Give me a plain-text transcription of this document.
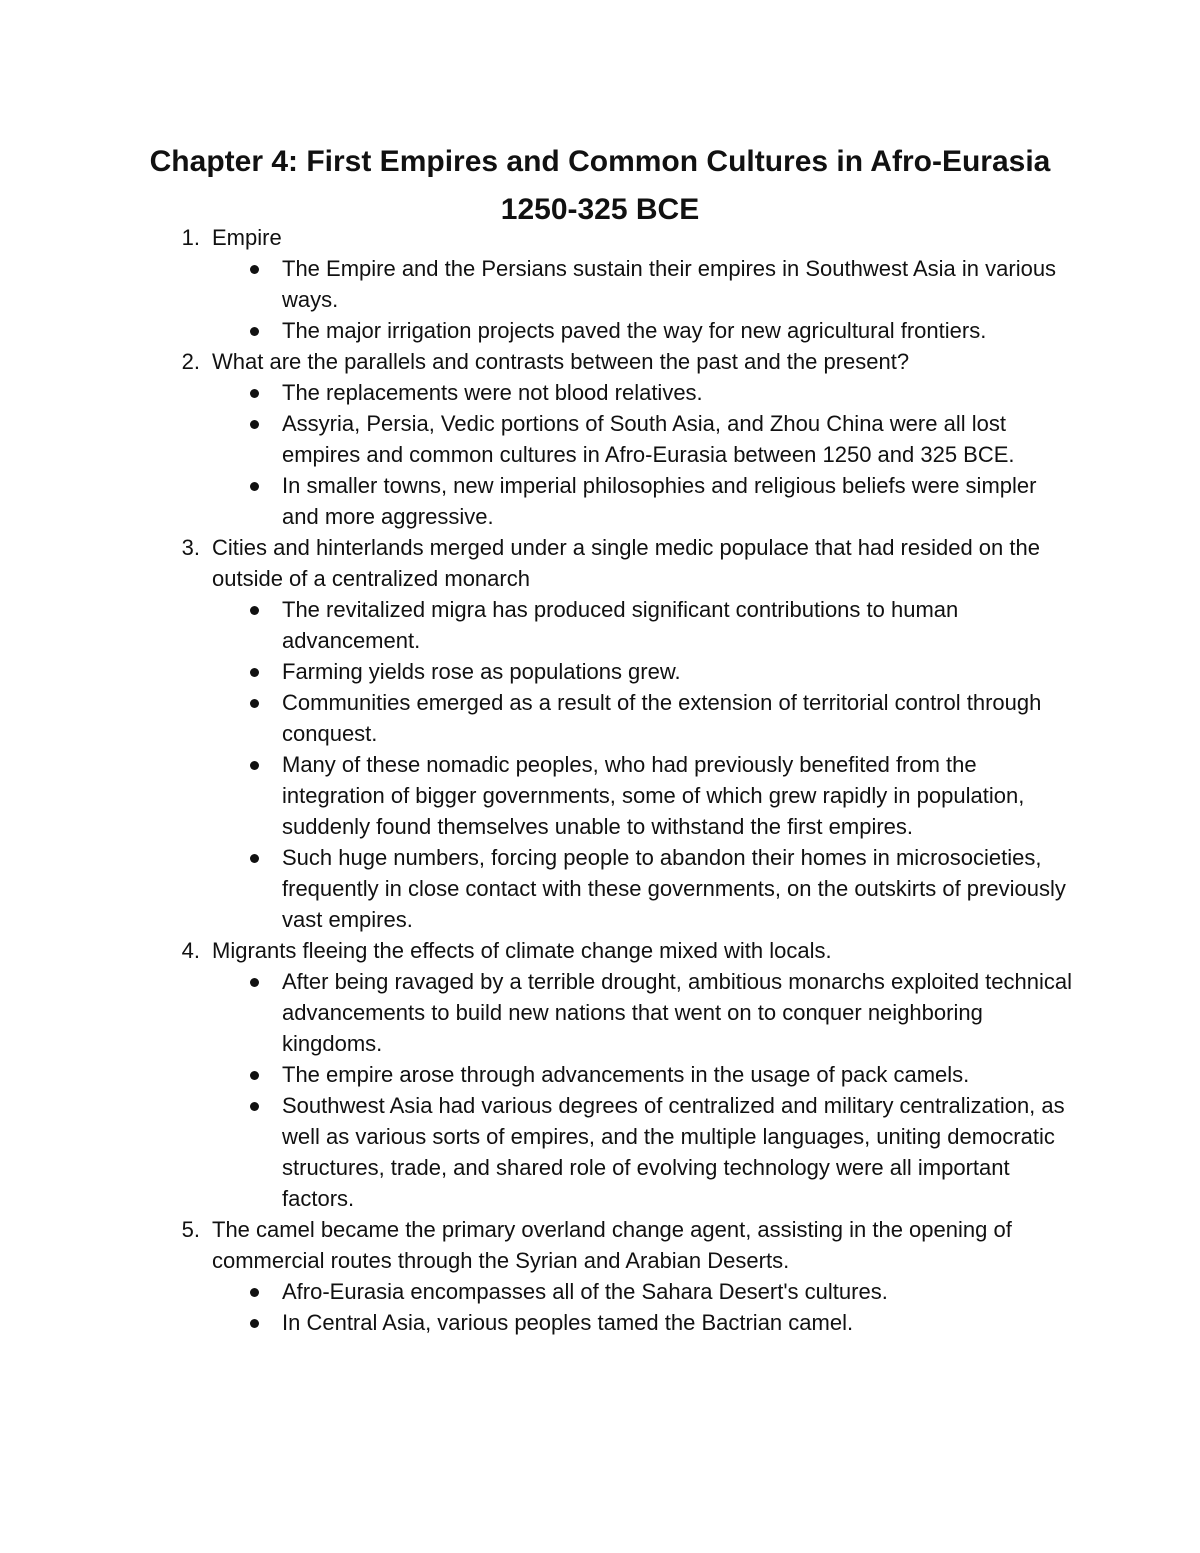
Chapter 4: First Empires and Common Cultures in Afro-Eurasia 1250-325 BCE
1. Empire
The Empire and the Persians sustain their empires in Southwest Asia in various ways.
The major irrigation projects paved the way for new agricultural frontiers.
2. What are the parallels and contrasts between the past and the present?
The replacements were not blood relatives.
Assyria, Persia, Vedic portions of South Asia, and Zhou China were all lost empires and common cultures in Afro-Eurasia between 1250 and 325 BCE.
In smaller towns, new imperial philosophies and religious beliefs were simpler and more aggressive.
3. Cities and hinterlands merged under a single medic populace that had resided on the outside of a centralized monarch
The revitalized migra has produced significant contributions to human advancement.
Farming yields rose as populations grew.
Communities emerged as a result of the extension of territorial control through conquest.
Many of these nomadic peoples, who had previously benefited from the integration of bigger governments, some of which grew rapidly in population, suddenly found themselves unable to withstand the first empires.
Such huge numbers, forcing people to abandon their homes in microsocieties, frequently in close contact with these governments, on the outskirts of previously vast empires.
4. Migrants fleeing the effects of climate change mixed with locals.
After being ravaged by a terrible drought, ambitious monarchs exploited technical advancements to build new nations that went on to conquer neighboring kingdoms.
The empire arose through advancements in the usage of pack camels.
Southwest Asia had various degrees of centralized and military centralization, as well as various sorts of empires, and the multiple languages, uniting democratic structures, trade, and shared role of evolving technology were all important factors.
5. The camel became the primary overland change agent, assisting in the opening of commercial routes through the Syrian and Arabian Deserts.
Afro-Eurasia encompasses all of the Sahara Desert's cultures.
In Central Asia, various peoples tamed the Bactrian camel.
